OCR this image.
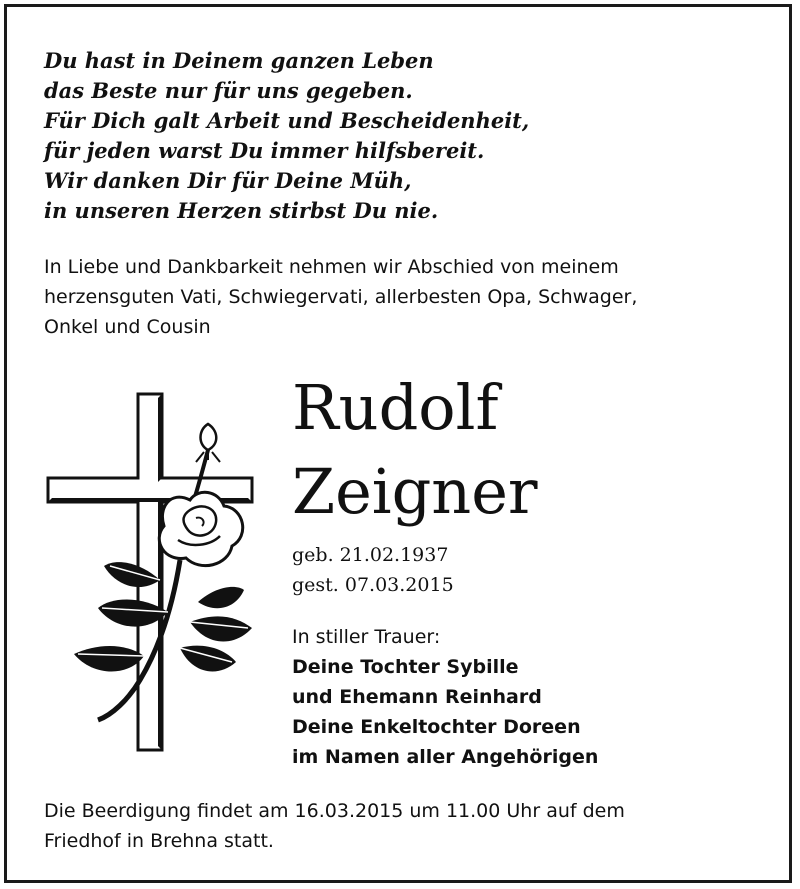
Du hast in Deinem ganzen Leben
das Beste nur für uns gegeben.
Für Dich galt Arbeit und Bescheidenheit,
für jeden warst Du immer hilfsbereit.
Wir danken Dir für Deine Müh,
in unseren Herzen stirbst Du nie.
In Liebe und Dankbarkeit nehmen wir Abschied von meinem
herzensguten Vati, Schwiegervati, allerbesten Opa, Schwager,
Onkel und Cousin
Rudolf
Zeigner
geb. 21.02.1937
gest. 07.03.2015
In stiller Trauer:
Deine Tochter Sybille
und Ehemann Reinhard
Deine Enkeltochter Doreen
im Namen aller Angehörigen
Die Beerdigung findet am 16.03.2015 um 11.00 Uhr auf dem
Friedhof in Brehna statt.
